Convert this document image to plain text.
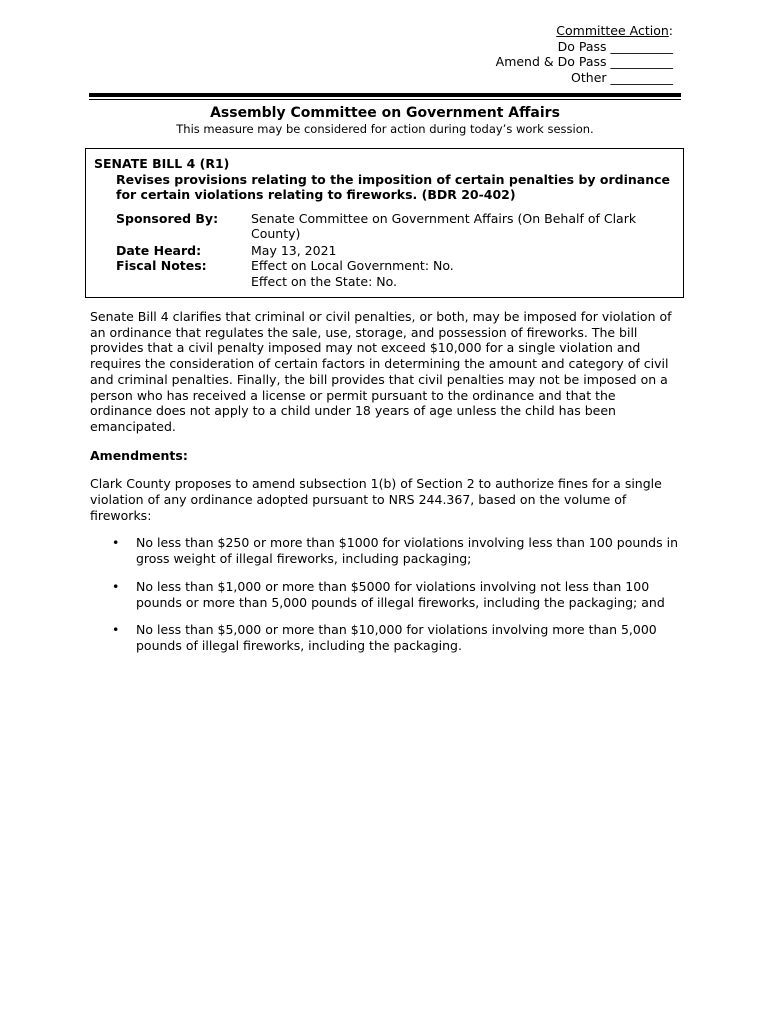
Committee Action:
Do Pass __________
Amend & Do Pass __________
Other __________
Assembly Committee on Government Affairs
This measure may be considered for action during today’s work session.
SENATE BILL 4 (R1)
Revises provisions relating to the imposition of certain penalties by ordinance for certain violations relating to fireworks. (BDR 20-402)
Sponsored By:	Senate Committee on Government Affairs (On Behalf of Clark County)
Date Heard:	May 13, 2021
Fiscal Notes:	Effect on Local Government: No.
Effect on the State: No.

Senate Bill 4 clarifies that criminal or civil penalties, or both, may be imposed for violation of an ordinance that regulates the sale, use, storage, and possession of fireworks. The bill provides that a civil penalty imposed may not exceed $10,000 for a single violation and requires the consideration of certain factors in determining the amount and category of civil and criminal penalties. Finally, the bill provides that civil penalties may not be imposed on a person who has received a license or permit pursuant to the ordinance and that the ordinance does not apply to a child under 18 years of age unless the child has been emancipated.

Amendments:

Clark County proposes to amend subsection 1(b) of Section 2 to authorize fines for a single violation of any ordinance adopted pursuant to NRS 244.367, based on the volume of fireworks:

• No less than $250 or more than $1000 for violations involving less than 100 pounds in gross weight of illegal fireworks, including packaging;
• No less than $1,000 or more than $5000 for violations involving not less than 100 pounds or more than 5,000 pounds of illegal fireworks, including the packaging; and
• No less than $5,000 or more than $10,000 for violations involving more than 5,000 pounds of illegal fireworks, including the packaging.
